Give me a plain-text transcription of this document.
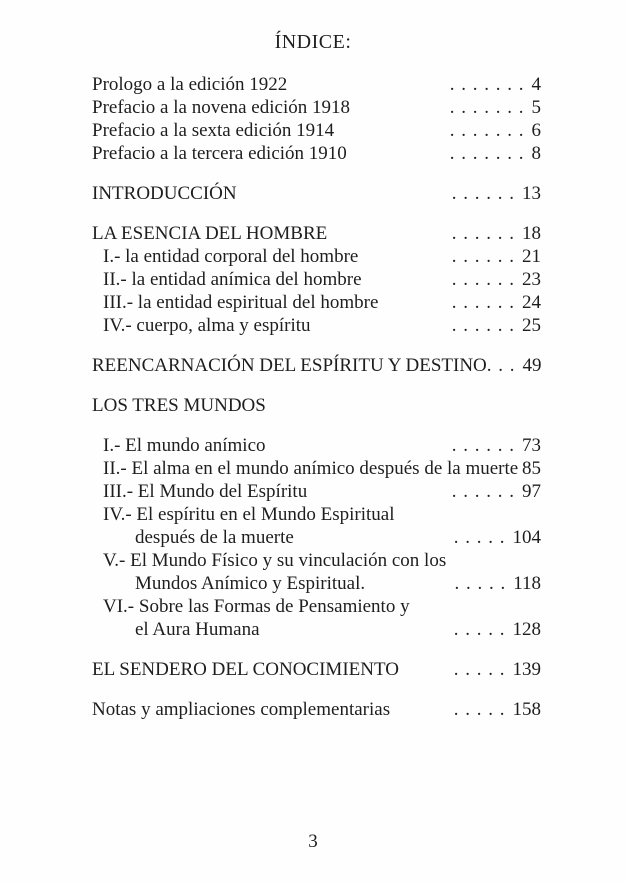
ÍNDICE:
Prologo a la edición 1922	. . . . . . . 4
Prefacio a la novena edición 1918	. . . . . . . 5
Prefacio a la sexta edición 1914	. . . . . . . 6
Prefacio a la tercera edición 1910	. . . . . . . 8
INTRODUCCIÓN	. . . . . . 13
LA ESENCIA DEL HOMBRE	. . . . . . 18
I.- la entidad corporal del hombre	. . . . . . 21
II.- la entidad anímica del hombre	. . . . . . 23
III.- la entidad espiritual del hombre	. . . . . . 24
IV.- cuerpo, alma y espíritu	. . . . . . 25
REENCARNACIÓN DEL ESPÍRITU Y DESTINO . . . 49
LOS TRES MUNDOS
I.- El mundo anímico	. . . . . . 73
II.- El alma en el mundo anímico después de la muerte 85
III.- El Mundo del Espíritu	. . . . . . 97
IV.- El espíritu en el Mundo Espiritual
después de la muerte	. . . . . 104
V.- El Mundo Físico y su vinculación con los
Mundos Anímico y Espiritual.	. . . . . 118
VI.- Sobre las Formas de Pensamiento y
el Aura Humana	. . . . . 128
EL SENDERO DEL CONOCIMIENTO	. . . . . 139
Notas y ampliaciones complementarias	. . . . . 158
3
